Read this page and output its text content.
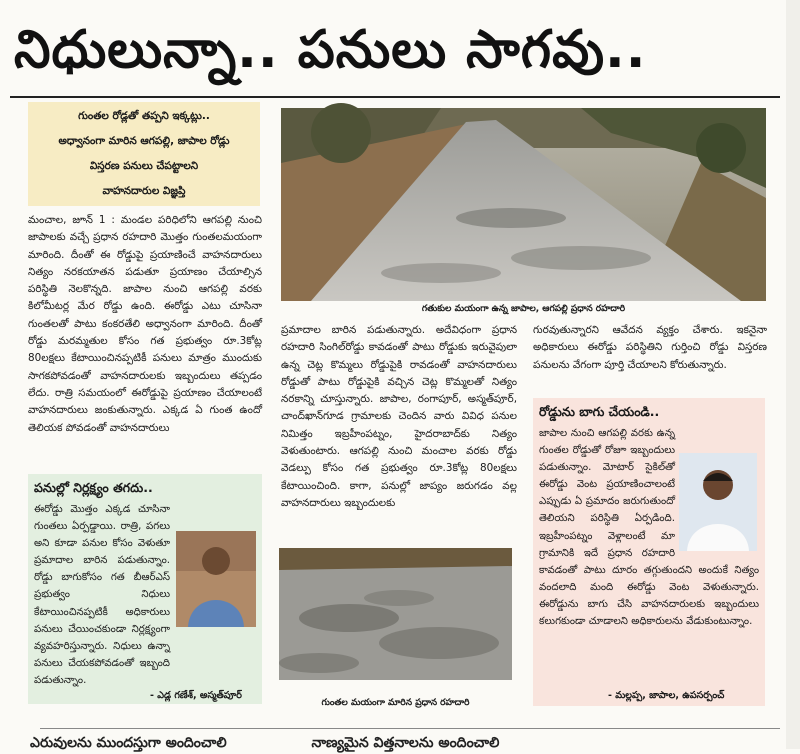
నిధులున్నా.. పనులు సాగవు..
గుంతల రోడ్లతో తప్పని ఇక్కట్లు..
అధ్వానంగా మారిన ఆగపల్లి, జాపాల రోడ్లు
విస్తరణ పనులు చేపట్టాలని
వాహనదారుల విజ్ఞప్తి

మంచాల, జూన్ 1 : మండల పరిధిలోని ఆగపల్లి నుంచి జాపాలకు వచ్చే ప్రధాన రహదారి మొత్తం గుంతలమయంగా మారింది. దీంతో ఈ రోడ్డుపై ప్రయాణించే వాహనదారులు నిత్యం నరకయాతన పడుతూ ప్రయాణం చేయాల్సిన పరిస్థితి నెలకొన్నది. జాపాల నుంచి ఆగపల్లి వరకు కిలోమీటర్ల మేర రోడ్డు ఉంది. ఈరోడ్డు ఎటు చూసినా గుంతలతో పాటు కంకరతేలి అధ్వానంగా మారింది. దీంతో రోడ్డు మరమ్మతుల కోసం గత ప్రభుత్వం రూ.3కోట్ల 80లక్షలు కేటాయించినప్పటికీ పనులు మాత్రం ముందుకు సాగకపోవడంతో వాహనదారులకు ఇబ్బందులు తప్పడం లేదు. రాత్రి సమయంలో ఈరోడ్డుపై ప్రయాణం చేయాలంటే వాహనదారులు జంకుతున్నారు. ఎక్కడ ఏ గుంత ఉందో తెలియక పోవడంతో వాహనదారులు

గతుకుల మయంగా ఉన్న జాపాల, ఆగపల్లి ప్రధాన రహదారి

ప్రమాదాల బారిన పడుతున్నారు. అదేవిధంగా ప్రధాన రహదారి సింగిల్‌రోడ్డు కావడంతో పాటు రోడ్డుకు ఇరువైపులా ఉన్న చెట్ల కొమ్మలు రోడ్డుపైకి రావడంతో వాహనదారులు రోడ్డుతో పాటు రోడ్డుపైకి వచ్చిన చెట్ల కొమ్మలతో నిత్యం నరకాన్ని చూస్తున్నారు. జాపాల, రంగాపూర్, అస్మత్‌పూర్, చాంద్‌ఖాన్‌గూడ గ్రామాలకు చెందిన వారు వివిధ పనుల నిమిత్తం ఇబ్రహీంపట్నం, హైదరాబాద్‌కు నిత్యం వెళుతుంటారు. ఆగపల్లి నుంచి మంచాల వరకు రోడ్డు వెడల్పు కోసం గత ప్రభుత్వం రూ.3కోట్ల 80లక్షలు కేటాయించింది. కాగా, పనుల్లో జాప్యం జరుగడం వల్ల వాహనదారులు ఇబ్బందులకు

గురవుతున్నారని ఆవేదన వ్యక్తం చేశారు. ఇకనైనా అధికారులు ఈరోడ్డు పరిస్థితిని గుర్తించి రోడ్డు విస్తరణ పనులను వేగంగా పూర్తి చేయాలని కోరుతున్నారు.

గుంతల మయంగా మారిన ప్రధాన రహదారి
పనుల్లో నిర్లక్ష్యం తగదు..

ఈరోడ్డు మొత్తం ఎక్కడ చూసినా గుంతలు ఏర్పడ్డాయి. రాత్రి, పగలు అని కూడా పనుల కోసం వెళుతూ ప్రమాదాల బారిన పడుతున్నాం. రోడ్డు బాగుకోసం గత బీఆర్‌ఎస్ ప్రభుత్వం నిధులు కేటాయించినప్పటికీ అధికారులు పనులు చేయించకుండా నిర్లక్ష్యంగా వ్యవహరిస్తున్నారు. నిధులు ఉన్నా పనులు చేయకపోవడంతో ఇబ్బంది పడుతున్నాం.

- ఎడ్ల గణేశ్, అస్మత్‌పూర్
రోడ్డును బాగు చేయండి..

జాపాల నుంచి ఆగపల్లి వరకు ఉన్న గుంతల రోడ్డుతో రోజూ ఇబ్బందులు పడుతున్నాం. మోటార్ సైకిల్‌తో ఈరోడ్డు వెంట ప్రయాణించాలంటే ఎప్పుడు ఏ ప్రమాదం జరుగుతుందో తెలియని పరిస్థితి ఏర్పడింది. ఇబ్రహీంపట్నం వెళ్లాలంటే మా గ్రామానికి ఇదే ప్రధాన రహదారి కావడంతో పాటు దూరం తగ్గుతుందని అందుకే నిత్యం వందలాది మంది ఈరోడ్డు వెంట వెళుతున్నారు. ఈరోడ్డును బాగు చేసి వాహనదారులకు ఇబ్బందులు కలుగకుండా చూడాలని అధికారులను వేడుకుంటున్నాం.

- మల్లప్ప, జాపాల, ఉపసర్పంచ్
ఎరువులను ముందస్తుగా అందించాలి	నాణ్యమైన విత్తనాలను అందించాలి
